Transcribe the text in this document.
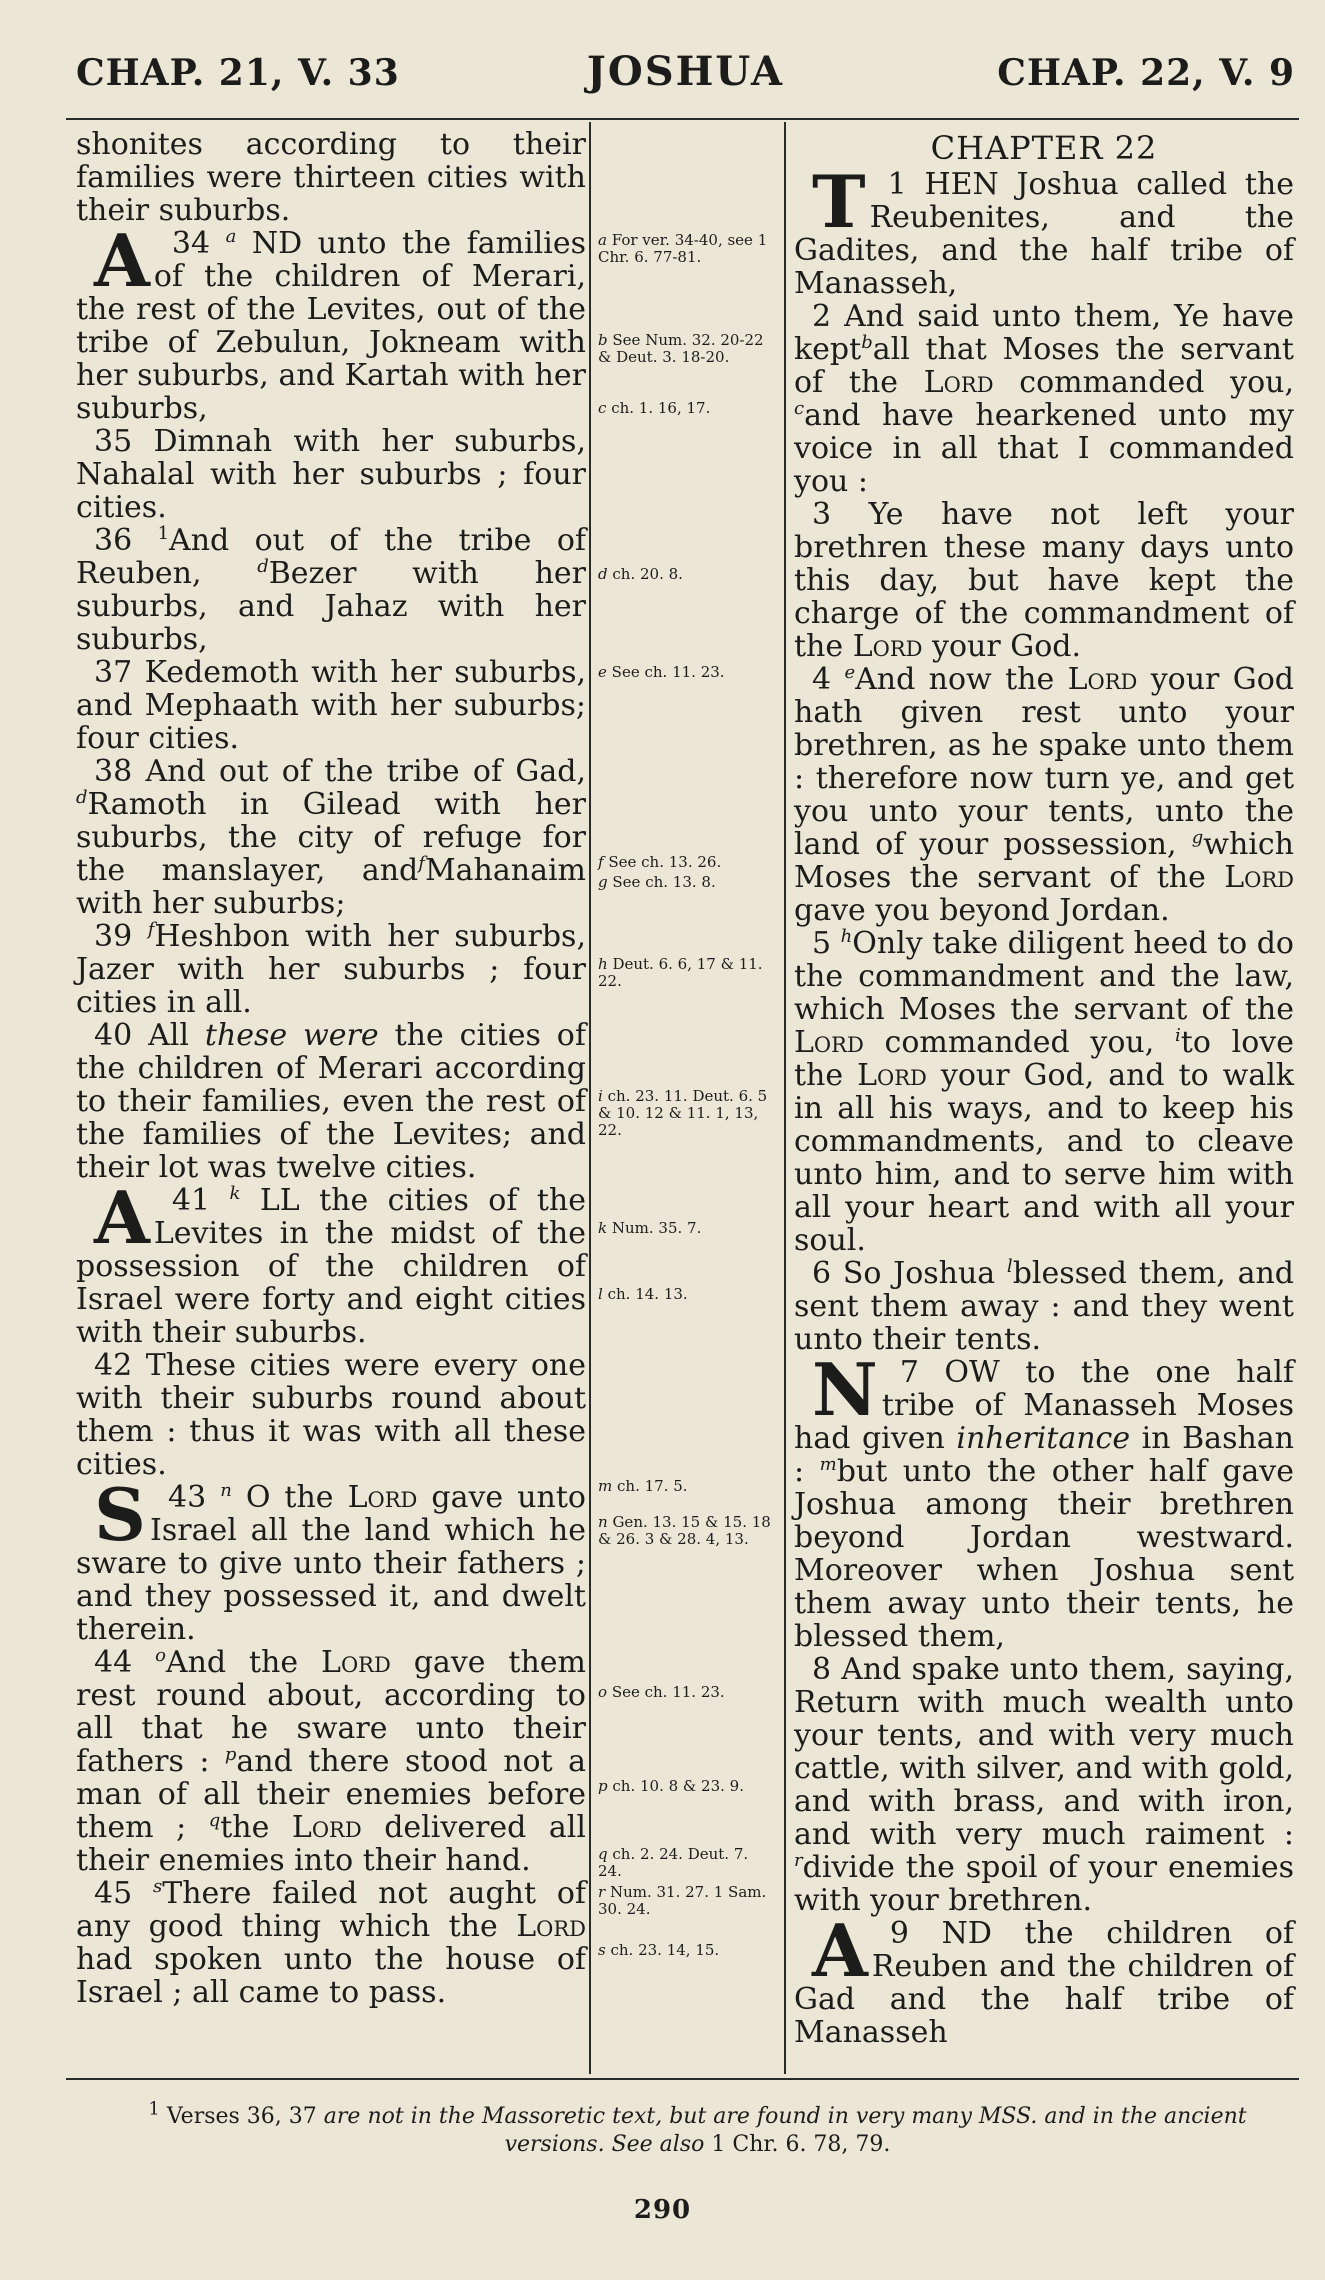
CHAP. 21, V. 33	JOSHUA	CHAP. 22, V. 9

shonites according to their families were thirteen cities with their suburbs.

34 $^a$
A	ND unto the families of the children of Merari, the rest of the Levites, out of the tribe of Zebulun, Jokneam with her suburbs, and Kartah with her suburbs,

35 Dimnah with her suburbs, Nahalal with her suburbs ; four cities.

36 $^1$And out of the tribe of Reuben,	$^d$Bezer with her suburbs, and Jahaz with her suburbs,

37 Kedemoth with her suburbs, and Mephaath with her suburbs; four cities.

38 And out of the tribe of Gad, $^d$Ramoth in Gilead with her suburbs, the city of refuge for the manslayer, and$^f$Mahanaim with her suburbs;

39 $^f$Heshbon with her suburbs, Jazer with her suburbs ; four cities in all.

40 All these were the cities of the children of Merari according to their families, even the rest of the families of the Levites; and their lot was twelve cities.

41 $^k$
A	LL the cities of the Levites in the midst of the possession of the children of Israel were forty and eight cities with their suburbs.

42 These cities were every one with their suburbs round about them : thus it was with all these cities.

43 $^n$
S	O the Lord gave unto Israel all the land which he sware to give unto their fathers ; and they possessed it, and dwelt therein.

44 $^o$And the Lord gave them rest round about, according to all that he sware unto their fathers : $^p$and there stood not a man of all their enemies before them ; $^q$the Lord delivered all their enemies into their hand.

45 $^s$There failed not aught of any good thing which the Lord had spoken unto the house of Israel ; all came to pass.

a For ver. 34-40, see 1 Chr. 6. 77-81.
b See Num. 32. 20-22 & Deut. 3. 18-20.
c ch. 1. 16, 17.
d ch. 20. 8.
e See ch. 11. 23.
f See ch. 13. 26.
g See ch. 13. 8.
h Deut. 6. 6, 17 & 11. 22.
i ch. 23. 11. Deut. 6. 5 & 10. 12 & 11. 1, 13, 22.
k Num. 35. 7.
l ch. 14. 13.
m ch. 17. 5.
n Gen. 13. 15 & 15. 18 & 26. 3 & 28. 4, 13.
o See ch. 11. 23.
p ch. 10. 8 & 23. 9.
q ch. 2. 24. Deut. 7. 24.
r Num. 31. 27. 1 Sam. 30. 24.
s ch. 23. 14, 15.

CHAPTER 22

1
T HEN Joshua called the Reubenites, and the Gadites, and the half tribe of Manasseh,

2 And said unto them, Ye have kept$^b$all that Moses the servant of the Lord commanded you, $^c$and have hearkened unto my voice in all that I commanded you :

3 Ye have not left your brethren these many days unto this day, but have kept the charge of the commandment of the Lord your God.

4 $^e$And now the Lord your God hath given rest unto your brethren, as he spake unto them : therefore now turn ye, and get you unto your tents, unto the land of your possession, $^g$which Moses the servant of the Lord gave you beyond Jordan.

5 $^h$Only take diligent heed to do the commandment and the law, which Moses the servant of the Lord commanded you, $^i$to love the Lord your God, and to walk in all his ways, and to keep his commandments, and to cleave unto him, and to serve him with all your heart and with all your soul.

6 So Joshua $^l$blessed them, and sent them away : and they went unto their tents.

7
N OW to the one half tribe of Manasseh Moses had given inheritance in Bashan : $^m$but unto the other half gave Joshua among their brethren beyond Jordan westward. Moreover when Joshua sent them away unto their tents, he blessed them,

8 And spake unto them, saying, Return with much wealth unto your tents, and with very much cattle, with silver, and with gold, and with brass, and with iron, and with very much raiment : $^r$divide the spoil of your enemies with your brethren.

9
A ND the children of Reuben and the children of Gad and the half tribe of Manasseh

$^1$ Verses 36, 37 are not in the Massoretic text, but are found in very many MSS. and in the ancient versions. See also 1 Chr. 6. 78, 79.
290
